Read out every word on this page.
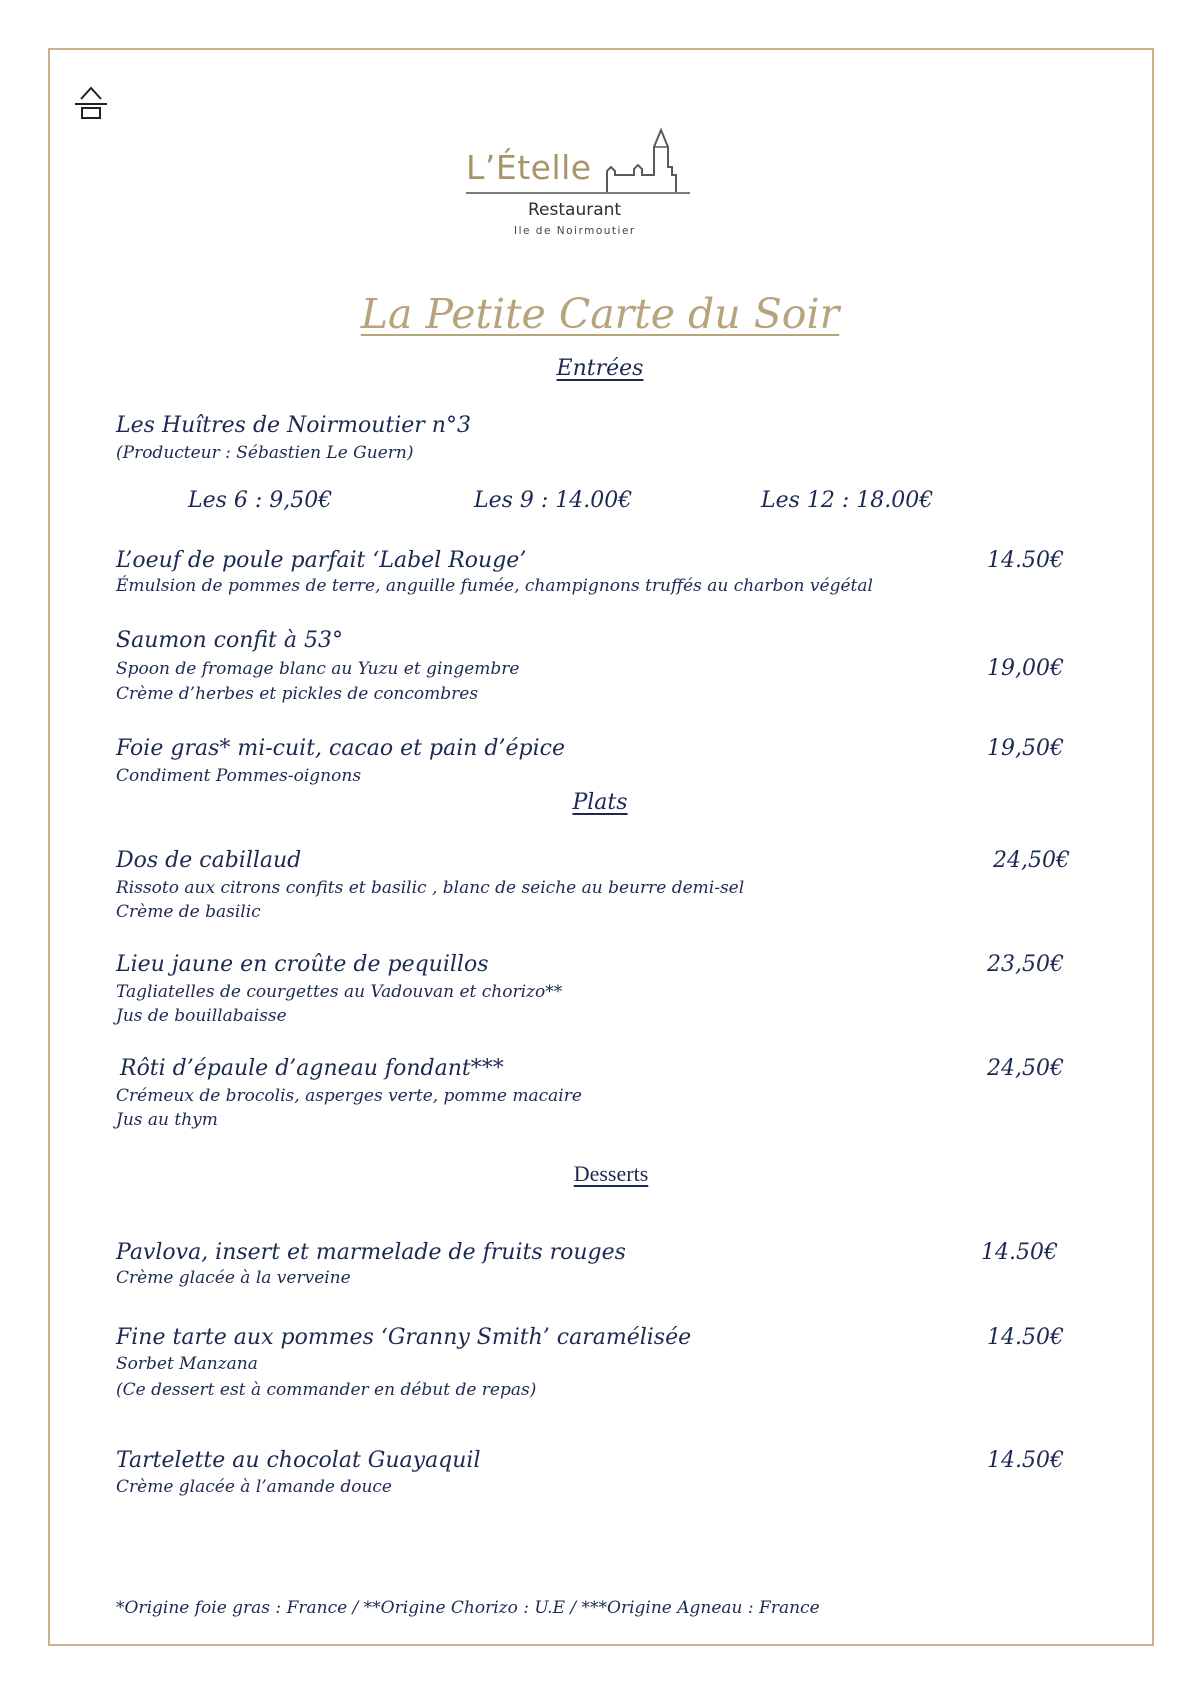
L’Ételle
Restaurant
Ile de Noirmoutier
La Petite Carte du Soir
Entrées
Les Huîtres de Noirmoutier n°3
(Producteur : Sébastien Le Guern)
Les 6 : 9,50€	Les 9 : 14.00€	Les 12 : 18.00€
L’oeuf de poule parfait ‘Label Rouge’	14.50€
Émulsion de pommes de terre, anguille fumée, champignons truffés au charbon végétal
Saumon confit à 53°
19,00€
Spoon de fromage blanc au Yuzu et gingembre
Crème d’herbes et pickles de concombres
Foie gras* mi-cuit, cacao et pain d’épice	19,50€
Condiment Pommes-oignons
Plats
Dos de cabillaud	24,50€
Rissoto aux citrons confits et basilic , blanc de seiche au beurre demi-sel
Crème de basilic
Lieu jaune en croûte de pequillos	23,50€
Tagliatelles de courgettes au Vadouvan et chorizo**
Jus de bouillabaisse
Rôti d’épaule d’agneau fondant***	24,50€
Crémeux de brocolis, asperges verte, pomme macaire
Jus au thym
Desserts
Pavlova, insert et marmelade de fruits rouges	14.50€
Crème glacée à la verveine
Fine tarte aux pommes ‘Granny Smith’ caramélisée	14.50€
Sorbet Manzana
(Ce dessert est à commander en début de repas)
Tartelette au chocolat Guayaquil	14.50€
Crème glacée à l’amande douce
*Origine foie gras : France / **Origine Chorizo : U.E / ***Origine Agneau : France
